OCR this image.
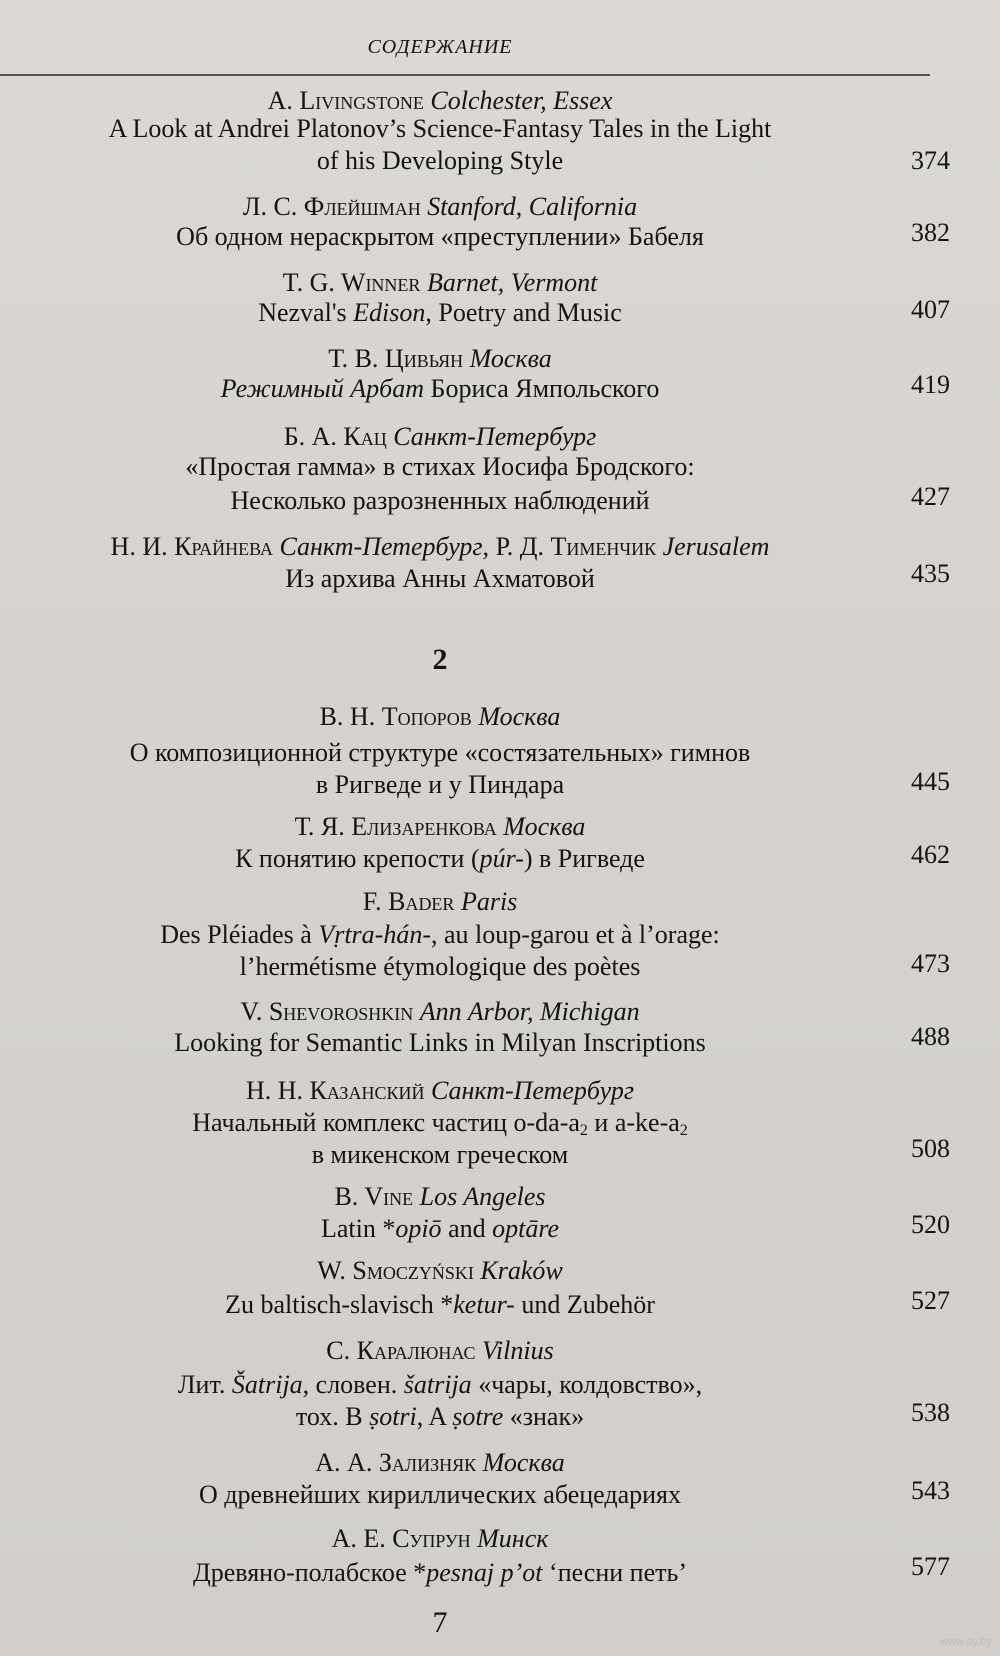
СОДЕРЖАНИЕ
A. Livingstone Colchester, Essex
A Look at Andrei Platonov’s Science-Fantasy Tales in the Light
of his Developing Style	374
Л. С. Флейшман Stanford, California
Об одном нераскрытом «преступлении» Бабеля	382
T. G. Winner Barnet, Vermont
Nezval's Edison, Poetry and Music	407
Т. В. Цивьян Москва
Режимный Арбат Бориса Ямпольского	419
Б. А. Кац Санкт-Петербург
«Простая гамма» в стихах Иосифа Бродского:
Несколько разрозненных наблюдений	427
Н. И. Крайнева Санкт-Петербург, Р. Д. Тименчик Jerusalem
Из архива Анны Ахматовой	435
2
В. Н. Топоров Москва
О композиционной структуре «состязательных» гимнов
в Ригведе и у Пиндара	445
Т. Я. Елизаренкова Москва
К понятию крепости (púr-) в Ригведе	462
F. Bader Paris
Des Pléiades à Vṛtra-hán-, au loup-garou et à l’orage:
l’hermétisme étymologique des poètes	473
V. Shevoroshkin Ann Arbor, Michigan
Looking for Semantic Links in Milyan Inscriptions	488
Н. Н. Казанский Санкт-Петербург
Начальный комплекс частиц $o-da-a_2$ и $a-ke-a_2$
в микенском греческом	508
B. Vine Los Angeles
Latin *opiō and optāre	520
W. Smoczyński Kraków
Zu baltisch-slavisch *ketur- und Zubehör	527
С. Каралюнас Vilnius
Лит. Šatrija, словен. šatrija «чары, колдовство»,
тох. B ṣotri, A ṣotre «знак»	538
А. А. Зализняк Москва
О древнейших кириллических абецедариях	543
А. Е. Супрун Минск
Древяно-полабское *pesnaj p’ot ‘песни петь’	577
7
www.ay.by
